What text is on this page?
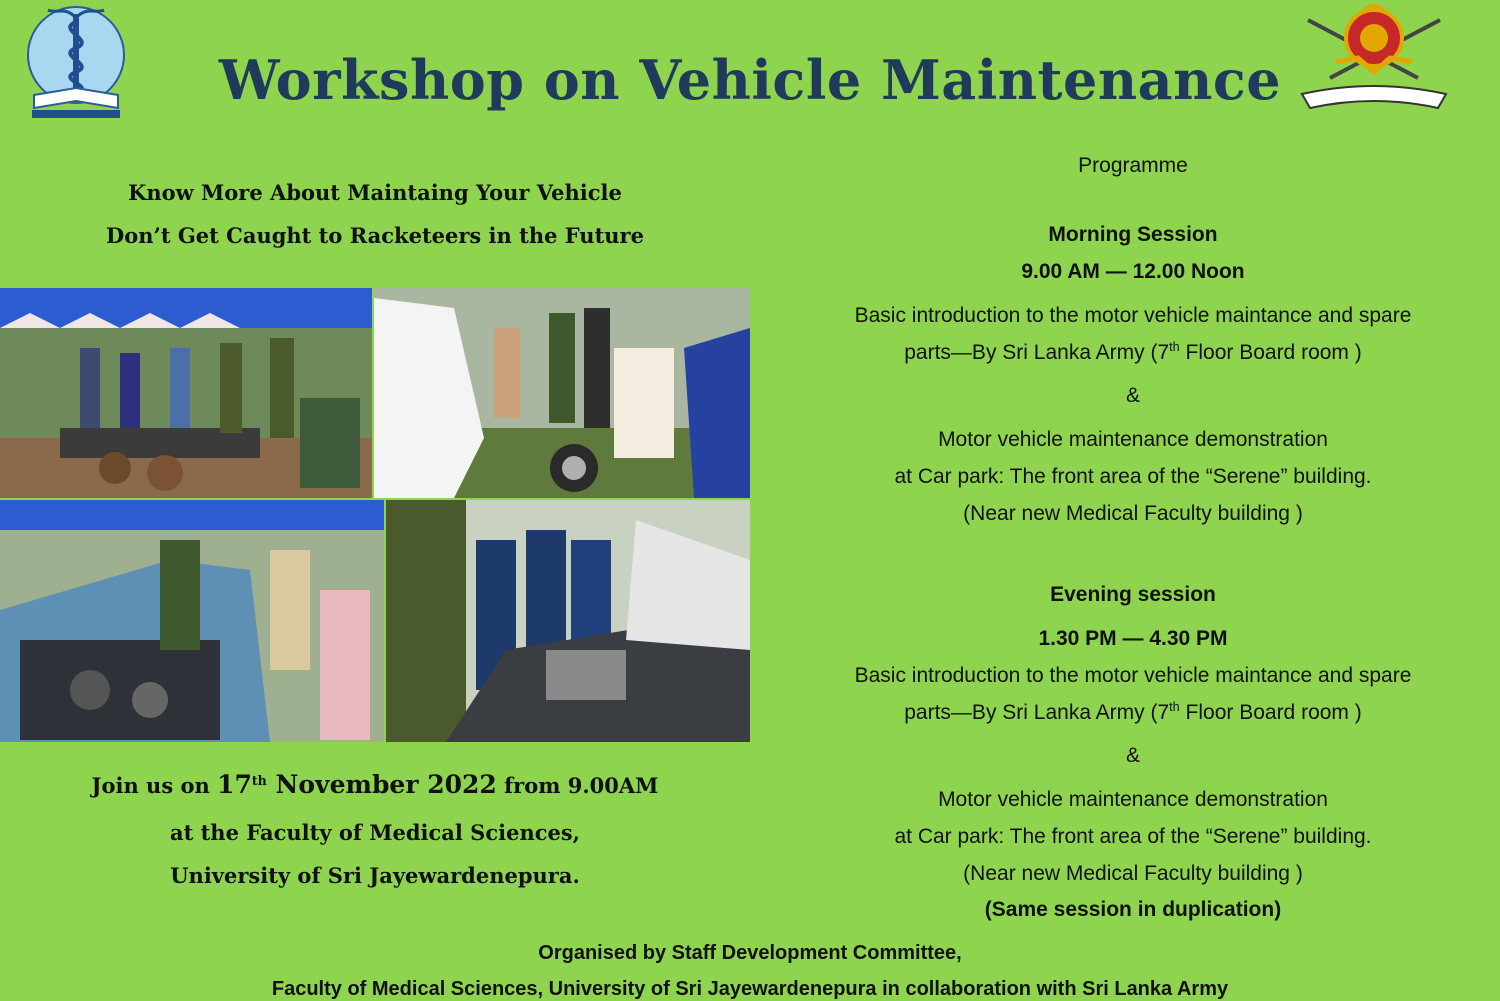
Workshop on Vehicle Maintenance
Know More About Maintaing Your Vehicle
Don’t Get Caught to Racketeers in the Future
Join us on 17th November 2022 from 9.00AM
at the Faculty of Medical Sciences,
University of Sri Jayewardenepura.
Programme
Morning Session
9.00 AM — 12.00 Noon
Basic introduction to the motor vehicle maintance and spare
parts—By Sri Lanka Army (7th Floor Board room )
&
Motor vehicle maintenance demonstration
at Car park: The front area of the “Serene” building.
(Near new Medical Faculty building )
Evening session
1.30 PM — 4.30 PM
Basic introduction to the motor vehicle maintance and spare
parts—By Sri Lanka Army (7th Floor Board room )
&
Motor vehicle maintenance demonstration
at Car park: The front area of the “Serene” building.
(Near new Medical Faculty building )
(Same session in duplication)
Organised by Staff Development Committee,
Faculty of Medical Sciences, University of Sri Jayewardenepura in collaboration with Sri Lanka Army
